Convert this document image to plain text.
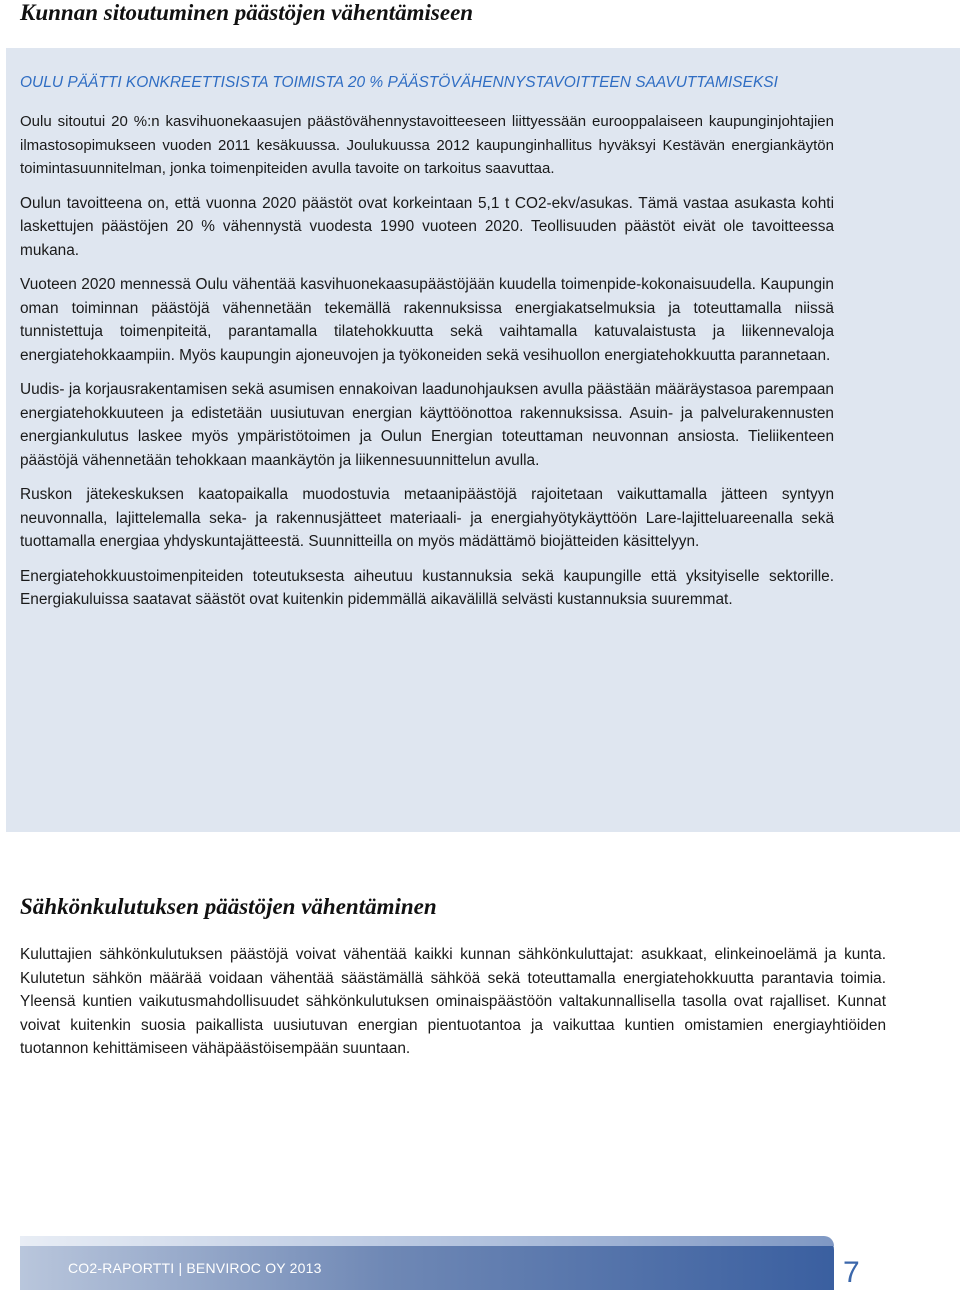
Kunnan sitoutuminen päästöjen vähentämiseen
OULU PÄÄTTI KONKREETTISISTA TOIMISTA 20 % PÄÄSTÖVÄHENNYSTAVOITTEEN SAAVUTTAMISEKSI

Oulu sitoutui 20 %:n kasvihuonekaasujen päästövähennystavoitteeseen liittyessään eurooppalaiseen kaupunginjohtajien ilmastosopimukseen vuoden 2011 kesäkuussa. Joulukuussa 2012 kaupunginhallitus hyväksyi Kestävän energiankäytön toimintasuunnitelman, jonka toimenpiteiden avulla tavoite on tarkoitus saavuttaa.

Oulun tavoitteena on, että vuonna 2020 päästöt ovat korkeintaan 5,1 t CO2-ekv/asukas. Tämä vastaa asukasta kohti laskettujen päästöjen 20 % vähennystä vuodesta 1990 vuoteen 2020. Teollisuuden päästöt eivät ole tavoitteessa mukana.

Vuoteen 2020 mennessä Oulu vähentää kasvihuonekaasupäästöjään kuudella toimenpide-kokonaisuudella. Kaupungin oman toiminnan päästöjä vähennetään tekemällä rakennuksissa energiakatselmuksia ja toteuttamalla niissä tunnistettuja toimenpiteitä, parantamalla tilatehokkuutta sekä vaihtamalla katuvalaistusta ja liikennevaloja energiatehokkaampiin. Myös kaupungin ajoneuvojen ja työkoneiden sekä vesihuollon energiatehokkuutta parannetaan.

Uudis- ja korjausrakentamisen sekä asumisen ennakoivan laadunohjauksen avulla päästään määräystasoa parempaan energiatehokkuuteen ja edistetään uusiutuvan energian käyttöönottoa rakennuksissa. Asuin- ja palvelurakennusten energiankulutus laskee myös ympäristötoimen ja Oulun Energian toteuttaman neuvonnan ansiosta. Tieliikenteen päästöjä vähennetään tehokkaan maankäytön ja liikennesuunnittelun avulla.

Ruskon jätekeskuksen kaatopaikalla muodostuvia metaanipäästöjä rajoitetaan vaikuttamalla jätteen syntyyn neuvonnalla, lajittelemalla seka- ja rakennusjätteet materiaali- ja energiahyötykäyttöön Lare-lajitteluareenalla sekä tuottamalla energiaa yhdyskuntajätteestä. Suunnitteilla on myös mädättämö biojätteiden käsittelyyn.

Energiatehokkuustoimenpiteiden toteutuksesta aiheutuu kustannuksia sekä kaupungille että yksityiselle sektorille. Energiakuluissa saatavat säästöt ovat kuitenkin pidemmällä aikavälillä selvästi kustannuksia suuremmat.

Sähkönkulutuksen päästöjen vähentäminen

Kuluttajien sähkönkulutuksen päästöjä voivat vähentää kaikki kunnan sähkönkuluttajat: asukkaat, elinkeinoelämä ja kunta. Kulutetun sähkön määrää voidaan vähentää säästämällä sähköä sekä toteuttamalla energiatehokkuutta parantavia toimia. Yleensä kuntien vaikutusmahdollisuudet sähkönkulutuksen ominaispäästöön valtakunnallisella tasolla ovat rajalliset. Kunnat voivat kuitenkin suosia paikallista uusiutuvan energian pientuotantoa ja vaikuttaa kuntien omistamien energiayhtiöiden tuotannon kehittämiseen vähäpäästöisempään suuntaan.

CO2-RAPORTTI | BENVIROC OY 2013	7
